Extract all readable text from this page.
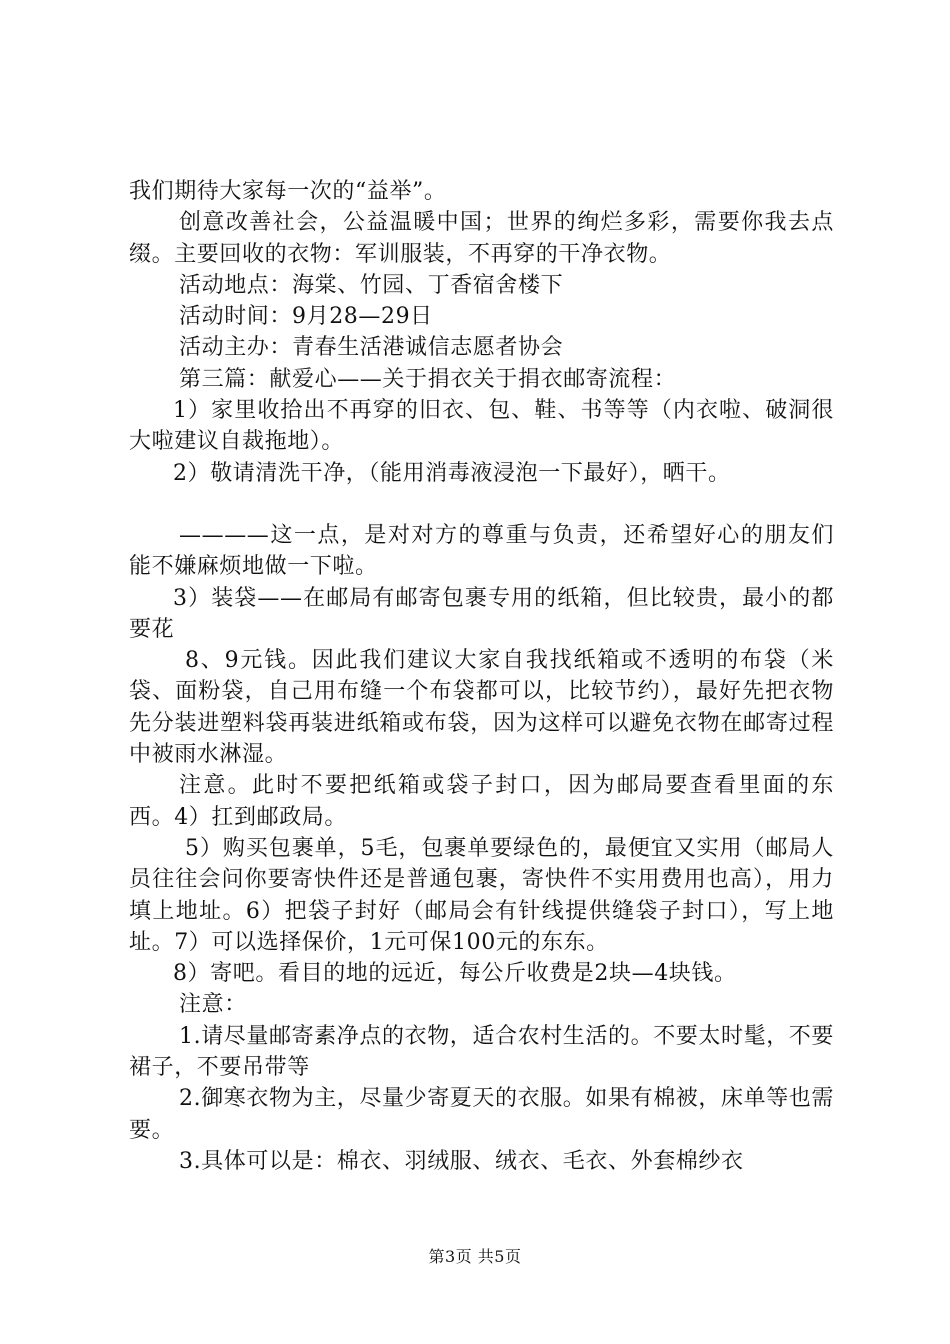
我们期待大家每一次的“益举”。

创意改善社会，公益温暖中国；世界的绚烂多彩，需要你我去点缀。主要回收的衣物：军训服装，不再穿的干净衣物。

活动地点：海棠、竹园、丁香宿舍楼下

活动时间：9月28—29日

活动主办：青春生活港诚信志愿者协会

第三篇：献爱心——关于捐衣关于捐衣邮寄流程：

1）家里收拾出不再穿的旧衣、包、鞋、书等等（内衣啦、破洞很大啦建议自裁拖地）。

2）敬请清洗干净，（能用消毒液浸泡一下最好），晒干。

————这一点，是对对方的尊重与负责，还希望好心的朋友们能不嫌麻烦地做一下啦。

3）装袋——在邮局有邮寄包裹专用的纸箱，但比较贵，最小的都要花

8、9元钱。因此我们建议大家自我找纸箱或不透明的布袋（米袋、面粉袋，自己用布缝一个布袋都可以，比较节约），最好先把衣物先分装进塑料袋再装进纸箱或布袋，因为这样可以避免衣物在邮寄过程中被雨水淋湿。

注意。此时不要把纸箱或袋子封口，因为邮局要查看里面的东西。4）扛到邮政局。

5）购买包裹单，5毛，包裹单要绿色的，最便宜又实用（邮局人员往往会问你要寄快件还是普通包裹，寄快件不实用费用也高），用力填上地址。6）把袋子封好（邮局会有针线提供缝袋子封口），写上地址。7）可以选择保价，1元可保100元的东东。

8）寄吧。看目的地的远近，每公斤收费是2块—4块钱。

注意：

1.请尽量邮寄素净点的衣物，适合农村生活的。不要太时髦，不要裙子，不要吊带等

2.御寒衣物为主，尽量少寄夏天的衣服。如果有棉被，床单等也需要。

3.具体可以是：棉衣、羽绒服、绒衣、毛衣、外套棉纱衣

第3页 共5页
